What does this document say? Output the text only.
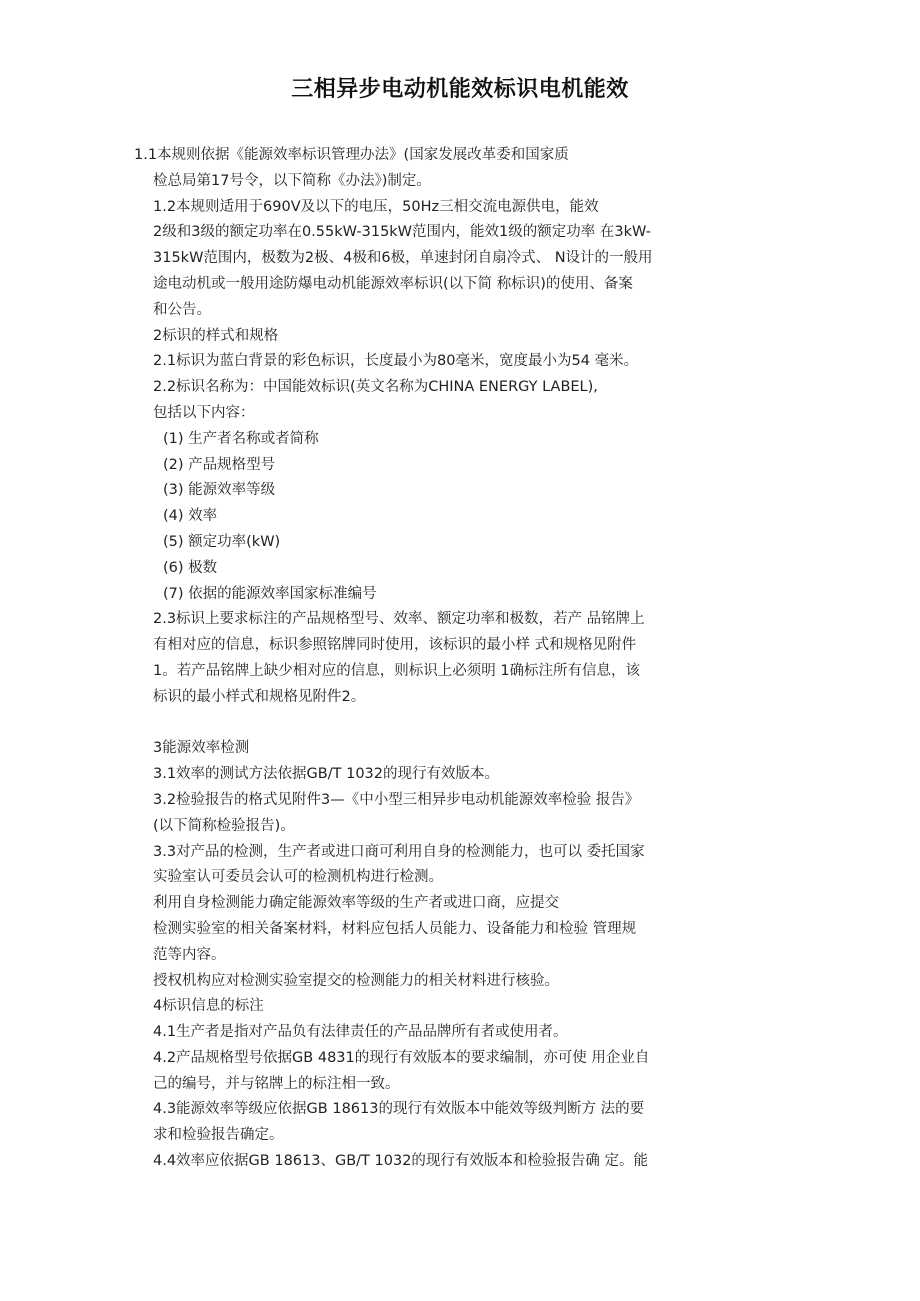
三相异步电动机能效标识电机能效
1.1本规则依据《能源效率标识管理办法》(国家发展改革委和国家质
检总局第17号令，以下简称《办法》)制定。
1.2本规则适用于690V及以下的电压，50Hz三相交流电源供电，能效
2级和3级的额定功率在0.55kW-315kW范围内，能效1级的额定功率 在3kW-
315kW范围内，极数为2极、4极和6极，单速封闭自扇冷式、 N设计的一般用
途电动机或一般用途防爆电动机能源效率标识(以下简 称标识)的使用、备案
和公告。
2标识的样式和规格
2.1标识为蓝白背景的彩色标识，长度最小为80毫米，宽度最小为54 毫米。
2.2标识名称为：中国能效标识(英文名称为CHINA ENERGY LABEL),
包括以下内容：
(1) 生产者名称或者简称
(2) 产品规格型号
(3) 能源效率等级
(4) 效率
(5) 额定功率(kW)
(6) 极数
(7) 依据的能源效率国家标准编号
2.3标识上要求标注的产品规格型号、效率、额定功率和极数，若产 品铭牌上
有相对应的信息，标识参照铭牌同时使用，该标识的最小样 式和规格见附件
1。若产品铭牌上缺少相对应的信息，则标识上必须明 1确标注所有信息，该
标识的最小样式和规格见附件2。
3能源效率检测
3.1效率的测试方法依据GB/T 1032的现行有效版本。
3.2检验报告的格式见附件3—《中小型三相异步电动机能源效率检验 报告》
(以下简称检验报告)。
3.3对产品的检测，生产者或进口商可利用自身的检测能力，也可以 委托国家
实验室认可委员会认可的检测机构进行检测。
利用自身检测能力确定能源效率等级的生产者或进口商，应提交
检测实验室的相关备案材料，材料应包括人员能力、设备能力和检验 管理规
范等内容。
授权机构应对检测实验室提交的检测能力的相关材料进行核验。
4标识信息的标注
4.1生产者是指对产品负有法律责任的产品品牌所有者或使用者。
4.2产品规格型号依据GB 4831的现行有效版本的要求编制，亦可使 用企业自
己的编号，并与铭牌上的标注相一致。
4.3能源效率等级应依据GB 18613的现行有效版本中能效等级判断方 法的要
求和检验报告确定。
4.4效率应依据GB 18613、GB/T 1032的现行有效版本和检验报告确 定。能
